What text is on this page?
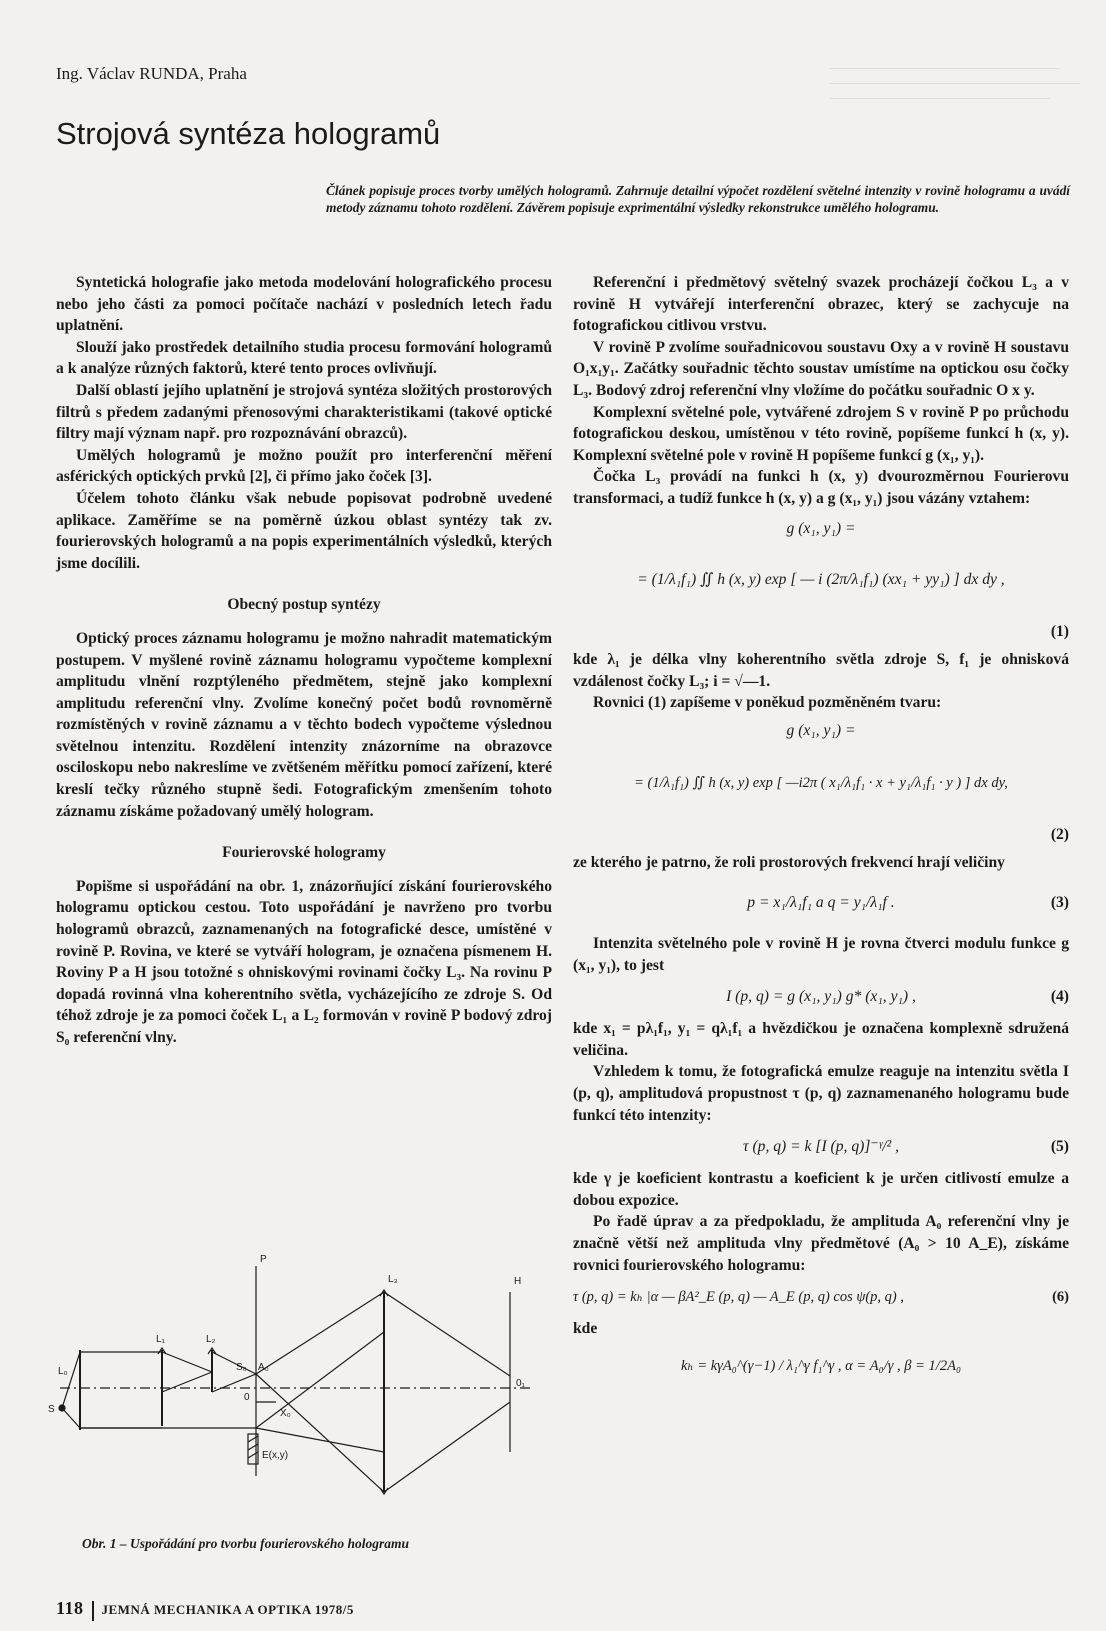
Ing. Václav RUNDA, Praha
Strojová syntéza hologramů
Článek popisuje proces tvorby umělých hologramů. Zahrnuje detailní výpočet rozdělení světelné intenzity v rovině hologramu a uvádí metody záznamu tohoto rozdělení. Závěrem popisuje exprimentální výsledky rekonstrukce umělého hologramu.

Syntetická holografie jako metoda modelování holografického procesu nebo jeho části za pomoci počítače nachází v posledních letech řadu uplatnění.

Slouží jako prostředek detailního studia procesu formování hologramů a k analýze různých faktorů, které tento proces ovlivňují.

Další oblastí jejího uplatnění je strojová syntéza složitých prostorových filtrů s předem zadanými přenosovými charakteristikami (takové optické filtry mají význam např. pro rozpoznávání obrazců).

Umělých hologramů je možno použít pro interferenční měření asférických optických prvků [2], či přímo jako čoček [3].

Účelem tohoto článku však nebude popisovat podrobně uvedené aplikace. Zaměříme se na poměrně úzkou oblast syntézy tak zv. fourierovských hologramů a na popis experimentálních výsledků, kterých jsme docílili.

Obecný postup syntézy

Optický proces záznamu hologramu je možno nahradit matematickým postupem. V myšlené rovině záznamu hologramu vypočteme komplexní amplitudu vlnění rozptýleného předmětem, stejně jako komplexní amplitudu referenční vlny. Zvolíme konečný počet bodů rovnoměrně rozmístěných v rovině záznamu a v těchto bodech vypočteme výslednou světelnou intenzitu. Rozdělení intenzity znázorníme na obrazovce osciloskopu nebo nakreslíme ve zvětšeném měřítku pomocí zařízení, které kreslí tečky různého stupně šedi. Fotografickým zmenšením tohoto záznamu získáme požadovaný umělý hologram.

Fourierovské hologramy

Popišme si uspořádání na obr. 1, znázorňující získání fourierovského hologramu optickou cestou. Toto uspořádání je navrženo pro tvorbu hologramů obrazců, zaznamenaných na fotografické desce, umístěné v rovině P. Rovina, ve které se vytváří hologram, je označena písmenem H. Roviny P a H jsou totožné s ohniskovými rovinami čočky L₃. Na rovinu P dopadá rovinná vlna koherentního světla, vycházejícího ze zdroje S. Od téhož zdroje je za pomoci čoček L₁ a L₂ formován v rovině P bodový zdroj S₀ referenční vlny.

P
L₃	H
L₁	L₂
L₀
S
S₀ A₀
0
0₁
X₀
E(x,y)
Obr. 1 – Uspořádání pro tvorbu fourierovského hologramu

Referenční i předmětový světelný svazek procházejí čočkou L₃ a v rovině H vytvářejí interferenční obrazec, který se zachycuje na fotografickou citlivou vrstvu.

V rovině P zvolíme souřadnicovou soustavu Oxy a v rovině H soustavu O₁x₁y₁. Začátky souřadnic těchto soustav umístíme na optickou osu čočky L₃. Bodový zdroj referenční vlny vložíme do počátku souřadnic O x y.

Komplexní světelné pole, vytvářené zdrojem S v rovině P po průchodu fotografickou deskou, umístěnou v této rovině, popíšeme funkcí h (x, y). Komplexní světelné pole v rovině H popíšeme funkcí g (x₁, y₁).

Čočka L₃ provádí na funkci h (x, y) dvourozměrnou Fourierovu transformaci, a tudíž funkce h (x, y) a g (x₁, y₁) jsou vázány vztahem:

g (x₁, y₁) =
= (1/λ₁f₁) ∬ h (x, y) exp [ — i (2π/λ₁f₁) (xx₁ + yy₁) ] dx dy ,
(1)

kde λ₁ je délka vlny koherentního světla zdroje S, f₁ je ohnisková vzdálenost čočky L₃; i = √—1.

Rovnici (1) zapíšeme v poněkud pozměněném tvaru:

g (x₁, y₁) =
= (1/λ₁f₁) ∬ h (x, y) exp [ —i2π ( x₁/λ₁f₁ · x + y₁/λ₁f₁ · y ) ] dx dy,
(2)

ze kterého je patrno, že roli prostorových frekvencí hrají veličiny

p = x₁/λ₁f₁ a q = y₁/λ₁f .	(3)

Intenzita světelného pole v rovině H je rovna čtverci modulu funkce g (x₁, y₁), to jest

I (p, q) = g (x₁, y₁) g* (x₁, y₁) ,	(4)

kde x₁ = pλ₁f₁, y₁ = qλ₁f₁ a hvězdičkou je označena komplexně sdružená veličina.

Vzhledem k tomu, že fotografická emulze reaguje na intenzitu světla I (p, q), amplitudová propustnost τ (p, q) zaznamenaného hologramu bude funkcí této intenzity:

τ (p, q) = k [I (p, q)]⁻ᵞ/² ,	(5)

kde γ je koeficient kontrastu a koeficient k je určen citlivostí emulze a dobou expozice.

Po řadě úprav a za předpokladu, že amplituda A₀ referenční vlny je značně větší než amplituda vlny předmětové (A₀ > 10 A_E), získáme rovnici fourierovského hologramu:

τ (p, q) = kₕ |α — βA²_E (p, q) — A_E (p, q) cos ψ(p, q) ,	(6)

kde

kₕ = kγA₀^(γ−1) / λ₁^γ f₁^γ , α = A₀/γ , β = 1/2A₀
118 JEMNÁ MECHANIKA A OPTIKA 1978/5
